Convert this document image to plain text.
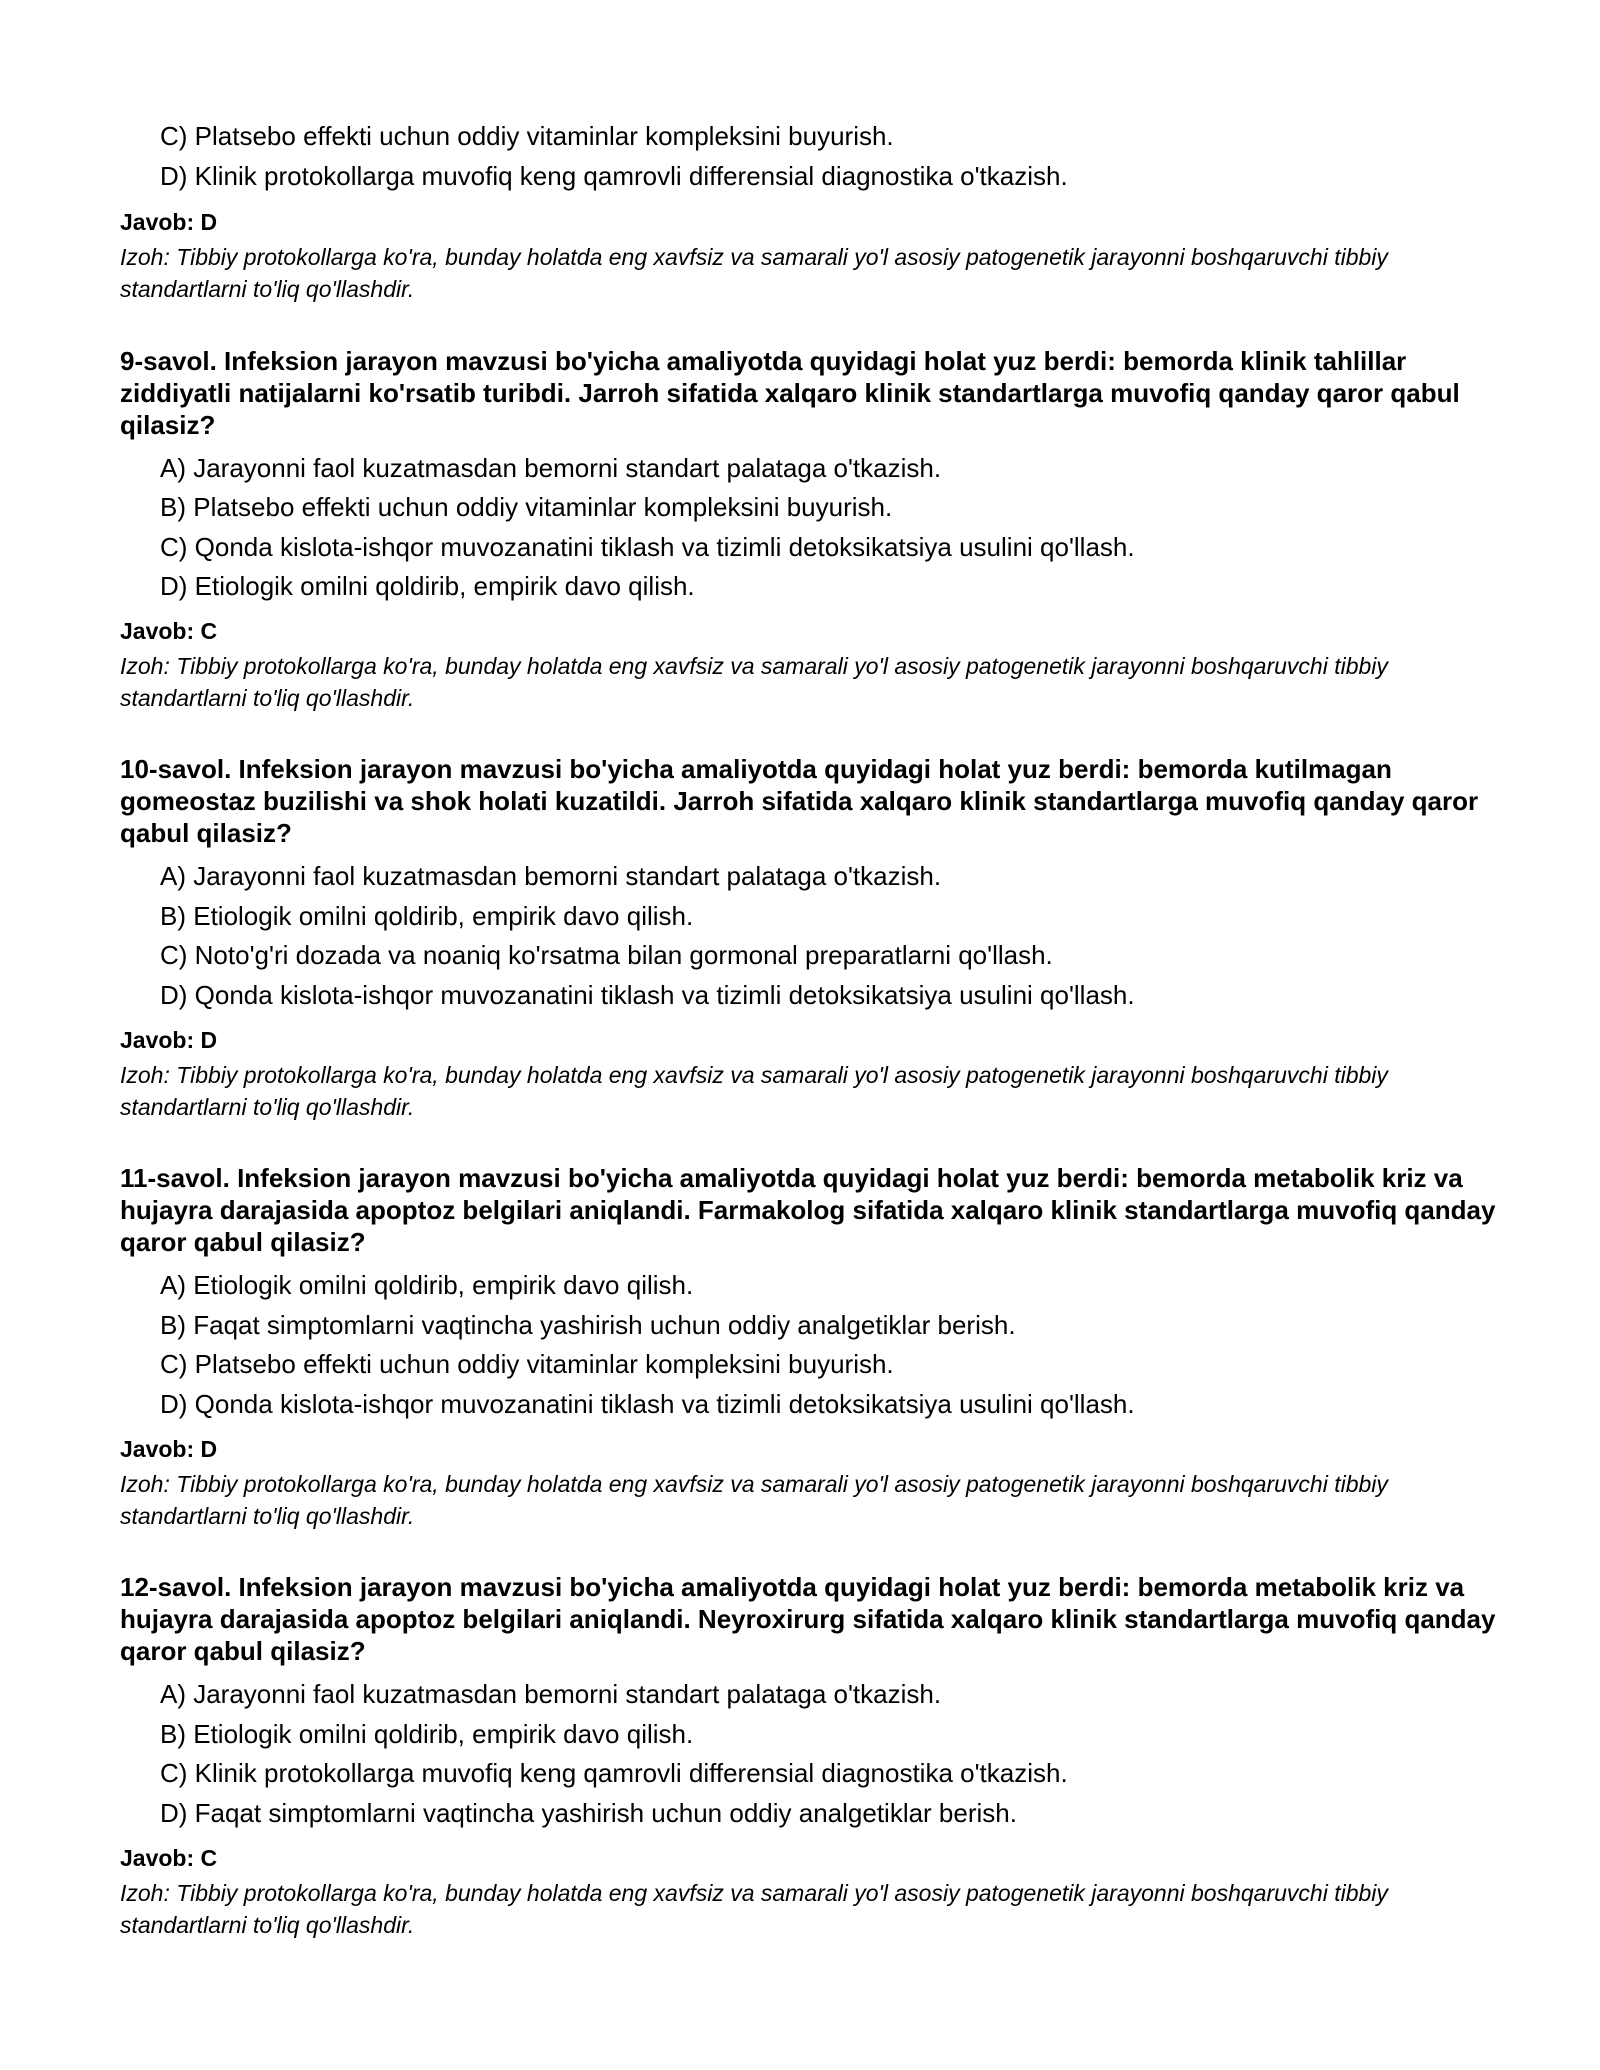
C) Platsebo effekti uchun oddiy vitaminlar kompleksini buyurish.
D) Klinik protokollarga muvofiq keng qamrovli differensial diagnostika o'tkazish.
Javob: D
Izoh: Tibbiy protokollarga ko'ra, bunday holatda eng xavfsiz va samarali yo'l asosiy patogenetik jarayonni boshqaruvchi tibbiy standartlarni to'liq qo'llashdir.
9-savol. Infeksion jarayon mavzusi bo'yicha amaliyotda quyidagi holat yuz berdi: bemorda klinik tahlillar ziddiyatli natijalarni ko'rsatib turibdi. Jarroh sifatida xalqaro klinik standartlarga muvofiq qanday qaror qabul qilasiz?
A) Jarayonni faol kuzatmasdan bemorni standart palataga o'tkazish.
B) Platsebo effekti uchun oddiy vitaminlar kompleksini buyurish.
C) Qonda kislota-ishqor muvozanatini tiklash va tizimli detoksikatsiya usulini qo'llash.
D) Etiologik omilni qoldirib, empirik davo qilish.
Javob: C
Izoh: Tibbiy protokollarga ko'ra, bunday holatda eng xavfsiz va samarali yo'l asosiy patogenetik jarayonni boshqaruvchi tibbiy standartlarni to'liq qo'llashdir.
10-savol. Infeksion jarayon mavzusi bo'yicha amaliyotda quyidagi holat yuz berdi: bemorda kutilmagan gomeostaz buzilishi va shok holati kuzatildi. Jarroh sifatida xalqaro klinik standartlarga muvofiq qanday qaror qabul qilasiz?
A) Jarayonni faol kuzatmasdan bemorni standart palataga o'tkazish.
B) Etiologik omilni qoldirib, empirik davo qilish.
C) Noto'g'ri dozada va noaniq ko'rsatma bilan gormonal preparatlarni qo'llash.
D) Qonda kislota-ishqor muvozanatini tiklash va tizimli detoksikatsiya usulini qo'llash.
Javob: D
Izoh: Tibbiy protokollarga ko'ra, bunday holatda eng xavfsiz va samarali yo'l asosiy patogenetik jarayonni boshqaruvchi tibbiy standartlarni to'liq qo'llashdir.
11-savol. Infeksion jarayon mavzusi bo'yicha amaliyotda quyidagi holat yuz berdi: bemorda metabolik kriz va hujayra darajasida apoptoz belgilari aniqlandi. Farmakolog sifatida xalqaro klinik standartlarga muvofiq qanday qaror qabul qilasiz?
A) Etiologik omilni qoldirib, empirik davo qilish.
B) Faqat simptomlarni vaqtincha yashirish uchun oddiy analgetiklar berish.
C) Platsebo effekti uchun oddiy vitaminlar kompleksini buyurish.
D) Qonda kislota-ishqor muvozanatini tiklash va tizimli detoksikatsiya usulini qo'llash.
Javob: D
Izoh: Tibbiy protokollarga ko'ra, bunday holatda eng xavfsiz va samarali yo'l asosiy patogenetik jarayonni boshqaruvchi tibbiy standartlarni to'liq qo'llashdir.
12-savol. Infeksion jarayon mavzusi bo'yicha amaliyotda quyidagi holat yuz berdi: bemorda metabolik kriz va hujayra darajasida apoptoz belgilari aniqlandi. Neyroxirurg sifatida xalqaro klinik standartlarga muvofiq qanday qaror qabul qilasiz?
A) Jarayonni faol kuzatmasdan bemorni standart palataga o'tkazish.
B) Etiologik omilni qoldirib, empirik davo qilish.
C) Klinik protokollarga muvofiq keng qamrovli differensial diagnostika o'tkazish.
D) Faqat simptomlarni vaqtincha yashirish uchun oddiy analgetiklar berish.
Javob: C
Izoh: Tibbiy protokollarga ko'ra, bunday holatda eng xavfsiz va samarali yo'l asosiy patogenetik jarayonni boshqaruvchi tibbiy standartlarni to'liq qo'llashdir.
